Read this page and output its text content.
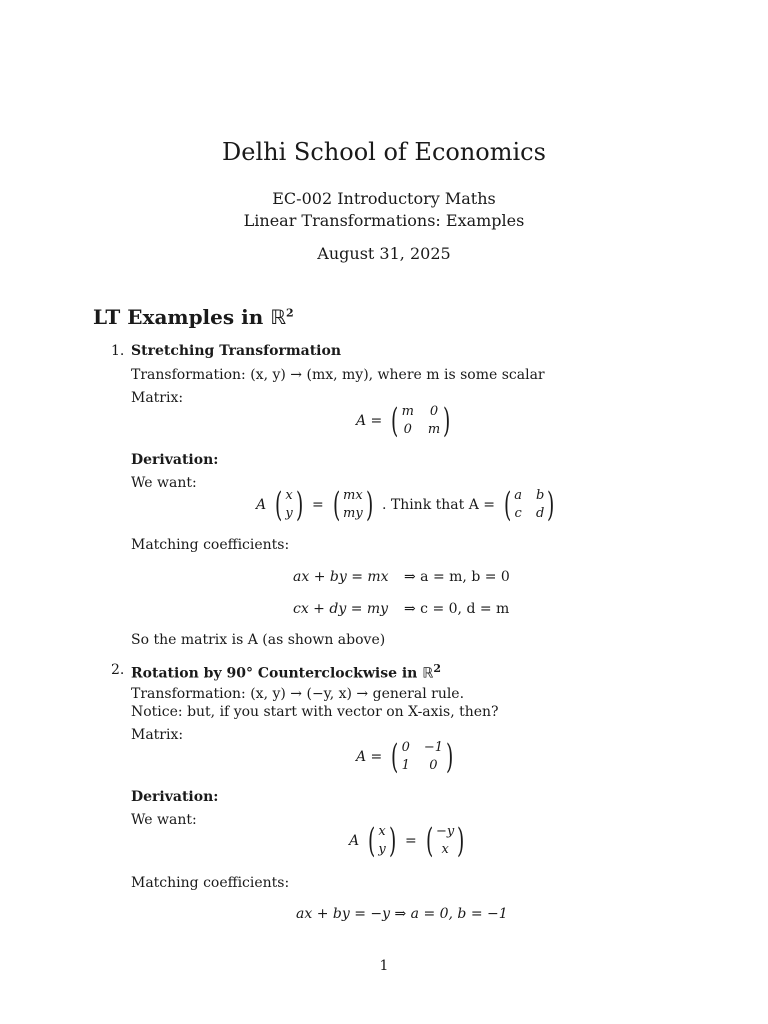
Delhi School of Economics
EC-002 Introductory Maths
Linear Transformations: Examples
August 31, 2025
LT Examples in ℝ$^2$
1. Stretching Transformation
Transformation: (x, y) → (mx, my), where m is some scalar
Matrix:
A = ( m 0
0 m )
Derivation:
We want:
A ( x
y ) = ( mx
my ) . Think that A = ( a b
c d )
Matching coefficients:
ax + by = mx ⇒ a = m, b = 0
cx + dy = my ⇒ c = 0, d = m
So the matrix is A (as shown above)
2. Rotation by 90° Counterclockwise in ℝ$^2$
Transformation: (x, y) → (−y, x) → general rule.
Notice: but, if you start with vector on X-axis, then?
Matrix:
A = ( 0 −1
1	0 )
Derivation:
We want:
A ( x
y ) = ( −y
x )
Matching coefficients:
ax + by = −y ⇒ a = 0, b = −1
1
